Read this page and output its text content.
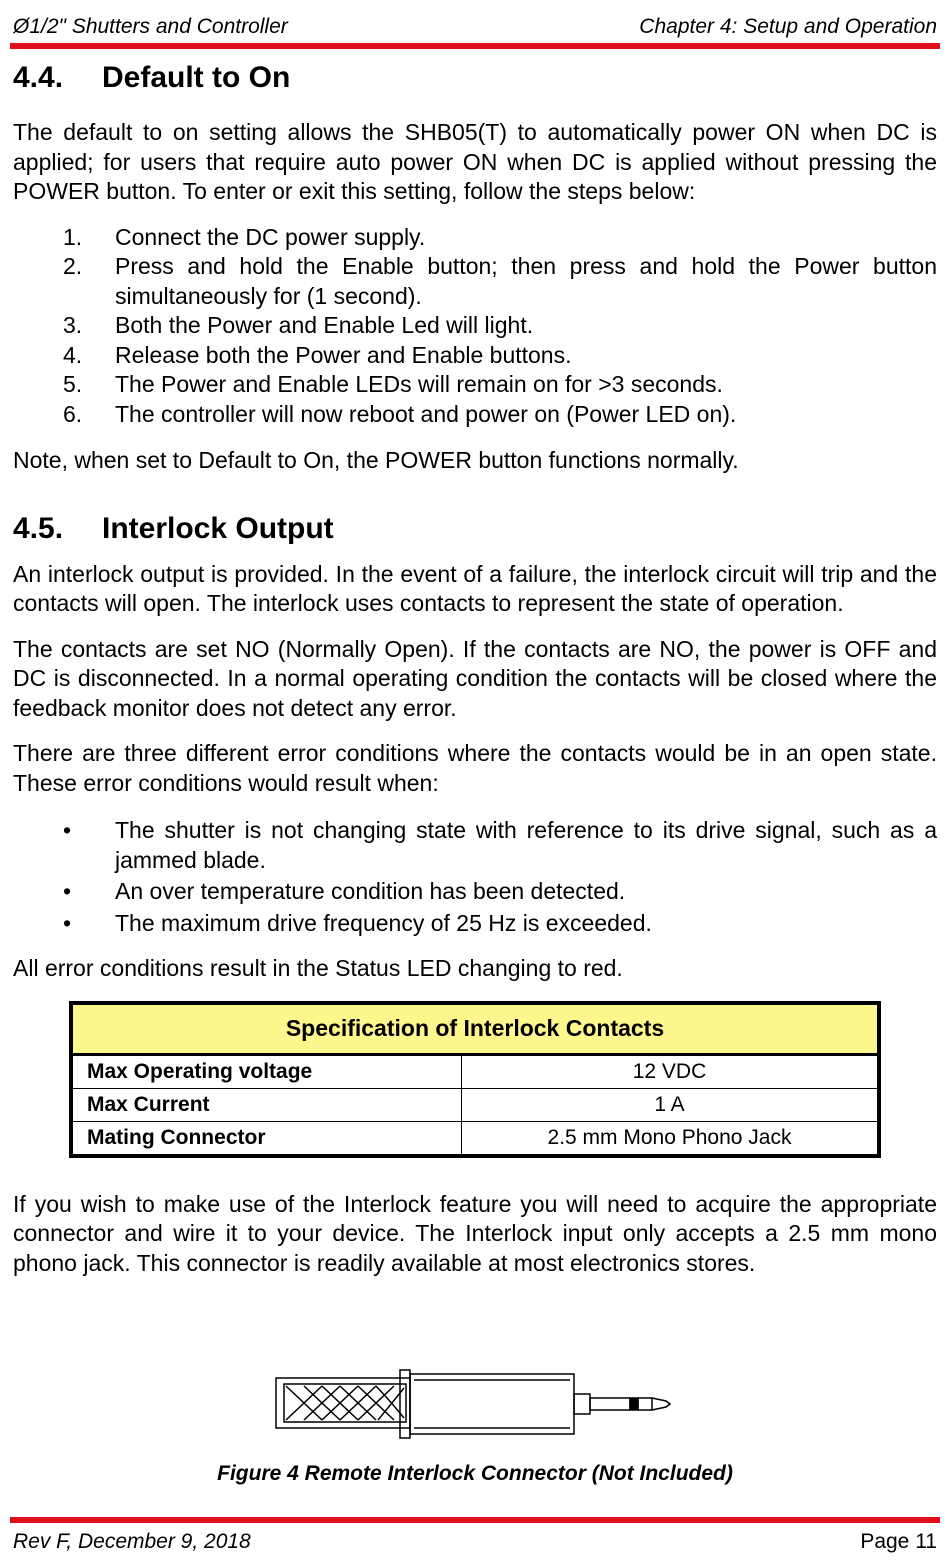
Ø1/2" Shutters and Controller	Chapter 4: Setup and Operation
4.4.	Default to On

The default to on setting allows the SHB05(T) to automatically power ON when DC is applied; for users that require auto power ON when DC is applied without pressing the POWER button. To enter or exit this setting, follow the steps below:

1.	Connect the DC power supply.
2.	Press and hold the Enable button; then press and hold the Power button simultaneously for (1 second).
3.	Both the Power and Enable Led will light.
4.	Release both the Power and Enable buttons.
5.	The Power and Enable LEDs will remain on for >3 seconds.
6.	The controller will now reboot and power on (Power LED on).

Note, when set to Default to On, the POWER button functions normally.

4.5.	Interlock Output

An interlock output is provided. In the event of a failure, the interlock circuit will trip and the contacts will open. The interlock uses contacts to represent the state of operation.

The contacts are set NO (Normally Open). If the contacts are NO, the power is OFF and DC is disconnected. In a normal operating condition the contacts will be closed where the feedback monitor does not detect any error.

There are three different error conditions where the contacts would be in an open state. These error conditions would result when:

•	The shutter is not changing state with reference to its drive signal, such as a jammed blade.
•	An over temperature condition has been detected.
•	The maximum drive frequency of 25 Hz is exceeded.

All error conditions result in the Status LED changing to red.

Specification of Interlock Contacts	
Max Operating voltage	12 VDC
Max Current	1 A
Mating Connector	2.5 mm Mono Phono Jack

If you wish to make use of the Interlock feature you will need to acquire the appropriate connector and wire it to your device. The Interlock input only accepts a 2.5 mm mono phono jack. This connector is readily available at most electronics stores.

Figure 4 Remote Interlock Connector (Not Included)
Rev F, December 9, 2018	Page 11
